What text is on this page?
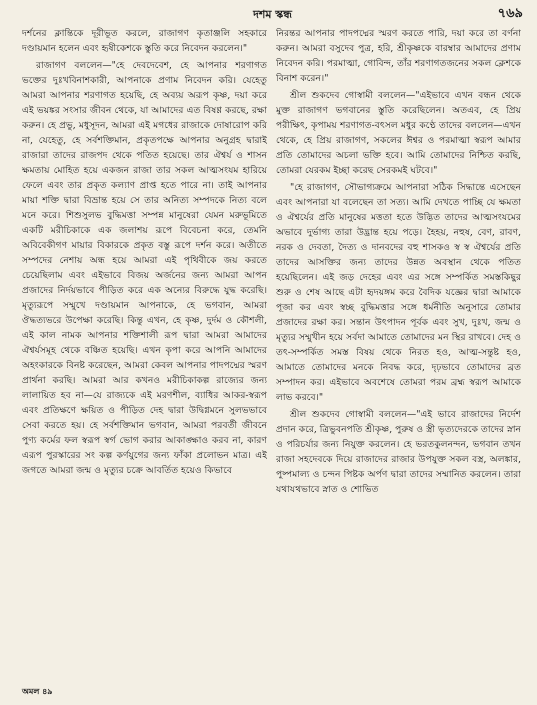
দশম স্কন্ধ	৭৬৯

দর্শনের ক্লান্তিকে দূরীভূত করলে, রাজাগণ কৃতাঞ্জলি সহকারে দণ্ডায়মান হলেন এবং হৃষীকেশকে স্তুতি করে নিবেদন করলেন।"

রাজাগণ বললেন—"হে দেবদেবেশ, হে আপনার শরণাগত ভক্তের দুঃখবিনাশকারী, আপনাকে প্রণাম নিবেদন করি। যেহেতু আমরা আপনার শরণাগত হয়েছি, হে অব্যয় অরূপ কৃষ্ণ, দয়া করে এই ভয়ঙ্কর সংসার জীবন থেকে, যা আমাদের এত বিষণ্ণ করছে, রক্ষা করুন। হে প্রভু, মধুসূদন, আমরা এই মগধের রাজাকে দোষারোপ করি না, যেহেতু, হে সর্বশক্তিমান, প্রকৃতপক্ষে আপনার অনুগ্রহ দ্বারাই রাজারা তাদের রাজপদ থেকে পতিত হয়েছে। তার ঐশ্বর্য ও শাসন ক্ষমতায় মোহিত হয়ে একজন রাজা তার সকল আত্মসংযম হারিয়ে ফেলে এবং তার প্রকৃত কল্যাণ প্রাপ্ত হতে পারে না। তাই আপনার মায়া শক্তি দ্বারা বিভ্রান্ত হয়ে সে তার অনিত্য সম্পদকে নিত্য বলে মনে করে। শিশুসুলভ বুদ্ধিমত্তা সম্পন্ন মানুষেরা যেমন মরুভূমিতে একটি মরীচিকাকে এক জলাশয় রূপে বিবেচনা করে, তেমনি অবিবেকীগণ মায়ার বিকারকে প্রকৃত বস্তু রূপে দর্শন করে। অতীতে সম্পদের নেশায় অন্ধ হয়ে আমরা এই পৃথিবীকে জয় করতে চেয়েছিলাম এবং এইভাবে বিজয় অর্জনের জন্য আমরা আপন প্রজাদের নির্দয়ভাবে পীড়িত করে এক অন্যের বিরুদ্ধে যুদ্ধ করেছি। মৃত্যুরূপে সম্মুখে দণ্ডায়মান আপনাকে, হে ভগবান, আমরা ঔদ্ধত্যভরে উপেক্ষা করেছি। কিন্তু এখন, হে কৃষ্ণ, দুর্দম ও কৌশলী, এই কাল নামক আপনার শক্তিশালী রূপ দ্বারা আমরা আমাদের ঐশ্বর্যসমূহ থেকে বঞ্চিত হয়েছি। এখন কৃপা করে আপনি আমাদের অহংকারকে বিনষ্ট করেছেন, আমরা কেবল আপনার পাদপদ্মের স্মরণ প্রার্থনা করছি। আমরা আর কখনও মরীচিকাকল্প রাজ্যের জন্য লালায়িত হব না—যে রাজ্যকে এই মরণশীল, ব্যাধির আকর-স্বরূপ এবং প্রতিক্ষণে ক্ষয়িত ও পীড়িত দেহ দ্বারা উদ্বিগ্নমনে সুলভভাবে সেবা করতে হয়। হে সর্বশক্তিমান ভগবান, আমরা পরবর্তী জীবনে পুণ্য কর্মের ফল স্বরূপ স্বর্গ ভোগ করার আকাঙ্ক্ষাও করব না, কারণ এরূপ পুরস্কারের সং কল্প কর্ণযুগের জন্য ফাঁকা প্রলোভন মাত্র। এই জগতে আমরা জন্ম ও মৃত্যুর চক্রে আবর্তিত হয়েও কিভাবে

নিরন্তর আপনার পাদপদ্মের স্মরণ করতে পারি, দয়া করে তা বর্ণনা করুন। আমরা বসুদেব পুত্র, হরি, শ্রীকৃষ্ণকে বারম্বার আমাদের প্রণাম নিবেদন করি। পরমাত্মা, গোবিন্দ, তাঁর শরণাগতজনের সকল ক্লেশকে বিনাশ করেন।"

শ্রীল শুকদেব গোস্বামী বললেন—"এইভাবে এখন বন্ধন থেকে মুক্ত রাজাগণ ভগবানের স্তুতি করেছিলেন। অতএব, হে প্রিয় পরীক্ষিৎ, কৃপাময় শরণাগত-বৎসল মধুর কণ্ঠে তাদের বললেন—এখন থেকে, হে প্রিয় রাজাগণ, সকলের ঈশ্বর ও পরমাত্মা স্বরূপ আমার প্রতি তোমাদের অচলা ভক্তি হবে। আমি তোমাদের নিশ্চিত করছি, তোমরা যেরকম ইচ্ছা করেছ সেরকমই ঘটবে।"

"হে রাজাগণ, সৌভাগ্যক্রমে আপনারা সঠিক সিদ্ধান্তে এসেছেন এবং আপনারা যা বলেছেন তা সত্য। আমি দেখতে পাচ্ছি যে ক্ষমতা ও ঐশ্বর্যের প্রতি মানুষের মত্ততা হতে উদ্ভিত তাদের আত্মসংযমের অভাবে দুর্ভাগ্য তারা উদ্ভ্রান্ত হয়ে পড়ে। হৈহয়, নহুষ, বেণ, রাবণ, নরক ও দেবতা, দৈত্য ও দানবদের বহু শাসকও স্ব স্ব ঐশ্বর্যের প্রতি তাদের আসক্তির জন্য তাদের উন্নত অবস্থান থেকে পতিত হয়েছিলেন। এই জড় দেহের এবং এর সঙ্গে সম্পর্কিত সমস্তকিছুর শুরু ও শেষ আছে এটা হৃদয়ঙ্গম করে বৈদিক যজ্ঞের দ্বারা আমাকে পূজা কর এবং স্বচ্ছ বুদ্ধিমত্তার সঙ্গে ধর্মনীতি অনুসারে তোমার প্রজাদের রক্ষা কর। সন্তান উৎপাদন পূর্বক এবং সুখ, দুঃখ, জন্ম ও মৃত্যুর সম্মুখীন হয়ে সর্বদা আমাতে তোমাদের মন স্থির রাখবে। দেহ ও তৎ-সম্পর্কিত সমস্ত বিষয় থেকে নিরত হও, আত্ম-সন্তুষ্ট হও, আমাতে তোমাদের মনকে নিবদ্ধ করে, দৃঢ়ভাবে তোমাদের ব্রত সম্পাদন কর। এইভাবে অবশেষে তোমরা পরম ব্রহ্ম স্বরূপ আমাকে লাভ করবে।"

শ্রীল শুকদেব গোস্বামী বললেন—"এই ভাবে রাজাদের নির্দেশ প্রদান করে, ত্রিভুবনপতি শ্রীকৃষ্ণ, পুরুষ ও স্ত্রী ভৃত্যদেরকে তাদের স্নান ও পরিচর্যার জন্য নিযুক্ত করলেন। হে ভরতকুলনন্দন, ভগবান তখন রাজা সহদেবকে দিয়ে রাজাদের রাজার উপযুক্ত সকল বস্ত্র, অলঙ্কার, পুষ্পমাল্য ও চন্দন পিষ্টক অর্পণ দ্বারা তাদের সম্মানিত করলেন। তারা যথাযথভাবে স্নাত ও শোভিত

অমল ৪৯
